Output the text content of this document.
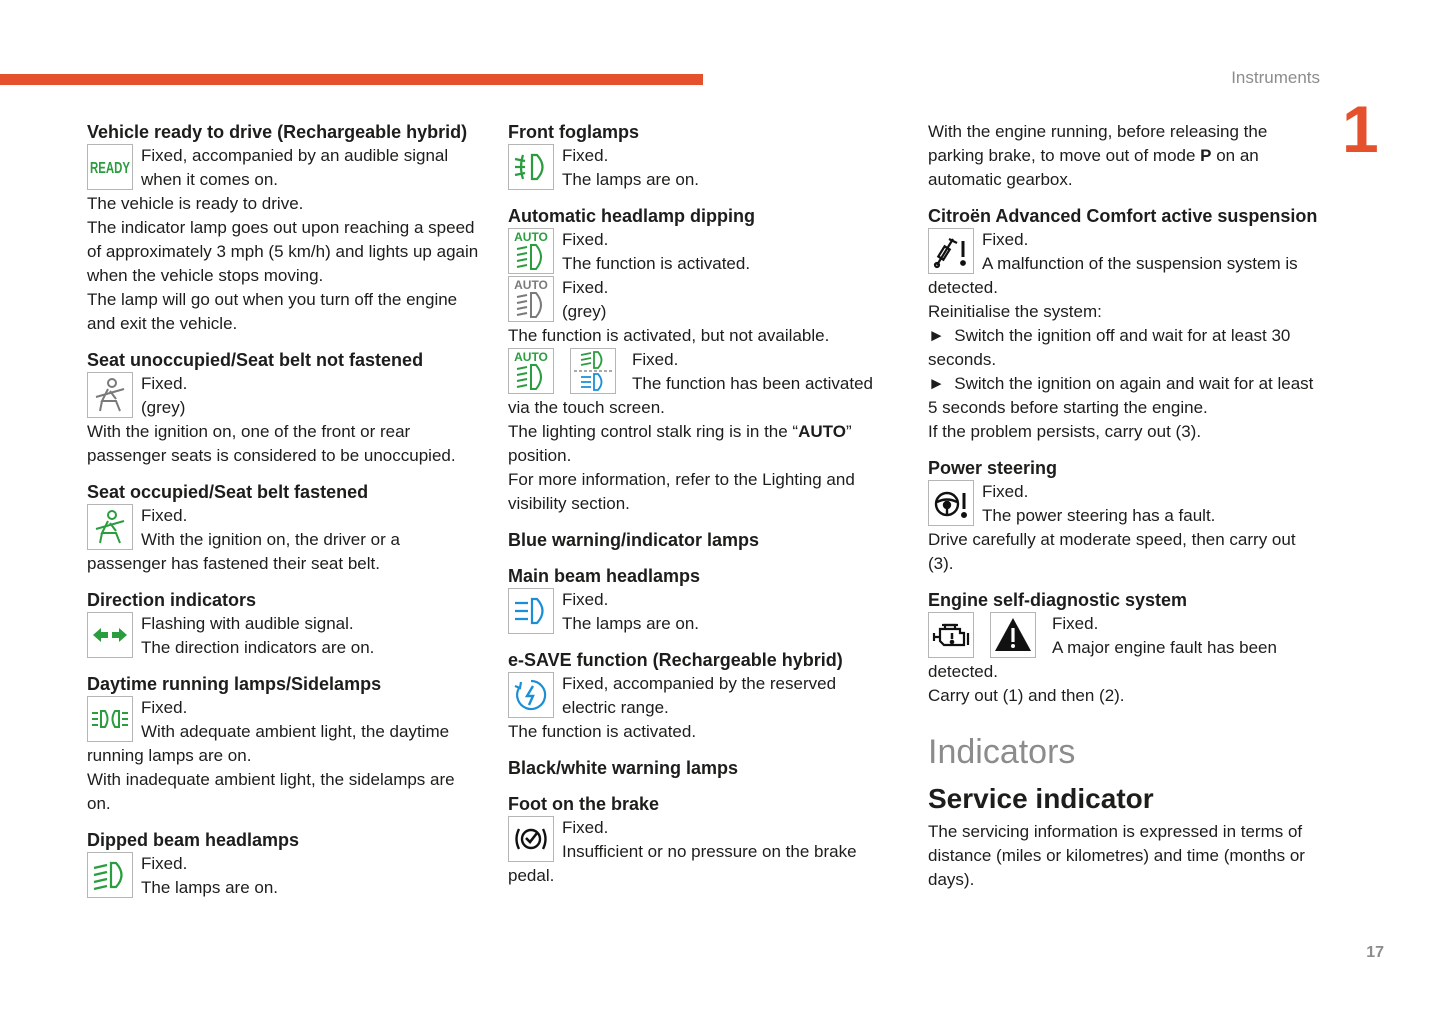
Instruments
1
17
Vehicle ready to drive (Rechargeable hybrid)
READY

Fixed, accompanied by an audible signal when it comes on.

The vehicle is ready to drive.

The indicator lamp goes out upon reaching a speed of approximately 3 mph (5 km/h) and lights up again when the vehicle stops moving.

The lamp will go out when you turn off the engine and exit the vehicle.

Seat unoccupied/Seat belt not fastened

Fixed.

(grey)

With the ignition on, one of the front or rear passenger seats is considered to be unoccupied.

Seat occupied/Seat belt fastened

Fixed.

With the ignition on, the driver or a passenger has fastened their seat belt.

Direction indicators

Flashing with audible signal.

The direction indicators are on.

Daytime running lamps/Sidelamps

Fixed.

With adequate ambient light, the daytime running lamps are on.

With inadequate ambient light, the sidelamps are on.

Dipped beam headlamps

Fixed.

The lamps are on.

Front foglamps

Fixed.

The lamps are on.

Automatic headlamp dipping
AUTO Fixed.

The function is activated.

AUTO Fixed.

(grey)

The function is activated, but not available.

AUTO	Fixed.

The function has been activated via the touch screen.

The lighting control stalk ring is in the “AUTO” position.

For more information, refer to the Lighting and visibility section.

Blue warning/indicator lamps
Main beam headlamps

Fixed.

The lamps are on.

e-SAVE function (Rechargeable hybrid)

Fixed, accompanied by the reserved electric range.

The function is activated.

Black/white warning lamps
Foot on the brake

Fixed.

Insufficient or no pressure on the brake pedal.

With the engine running, before releasing the parking brake, to move out of mode P on an automatic gearbox.

Citroën Advanced Comfort active suspension

Fixed.

A malfunction of the suspension system is detected.

Reinitialise the system:

► Switch the ignition off and wait for at least 30 seconds.

► Switch the ignition on again and wait for at least 5 seconds before starting the engine.

If the problem persists, carry out (3).

Power steering

Fixed.

The power steering has a fault.

Drive carefully at moderate speed, then carry out (3).

Engine self-diagnostic system

Fixed.

A major engine fault has been detected.

Carry out (1) and then (2).

Indicators
Service indicator

The servicing information is expressed in terms of distance (miles or kilometres) and time (months or days).
